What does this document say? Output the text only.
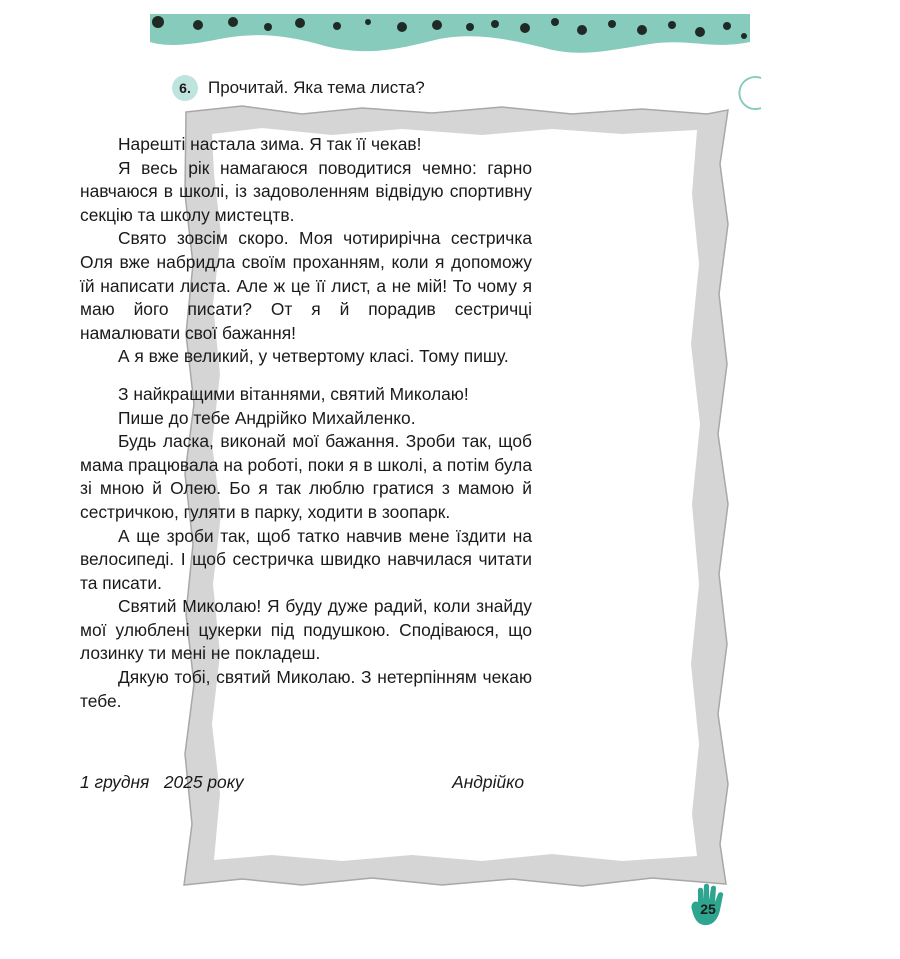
6.	Прочитай. Яка тема листа?
25

Нарешті настала зима. Я так її чекав!

Я весь рік намагаюся поводитися чемно: гарно навчаюся в школі, із задоволенням відвідую спортивну секцію та школу мистецтв.

Свято зовсім скоро. Моя чотирирічна сестричка Оля вже набридла своїм проханням, коли я допоможу їй написати листа. Але ж це її лист, а не мій! То чому я маю його писати? От я й порадив сестричці намалювати свої бажання!

А я вже великий, у четвертому класі. Тому пишу.

З найкращими вітаннями, святий Миколаю!

Пише до тебе Андрійко Михайленко.

Будь ласка, виконай мої бажання. Зроби так, щоб мама працювала на роботі, поки я в школі, а потім була зі мною й Олею. Бо я так люблю гратися з мамою й сестричкою, гуляти в парку, ходити в зоопарк.

А ще зроби так, щоб татко навчив мене їздити на велосипеді. І щоб сестричка швидко навчилася читати та писати.

Святий Миколаю! Я буду дуже радий, коли знайду мої улюблені цукерки під подушкою. Сподіваюся, що лозинку ти мені не покладеш.

Дякую тобі, святий Миколаю. З нетерпінням чекаю тебе.

1 грудня   2025 року	Андрійко
